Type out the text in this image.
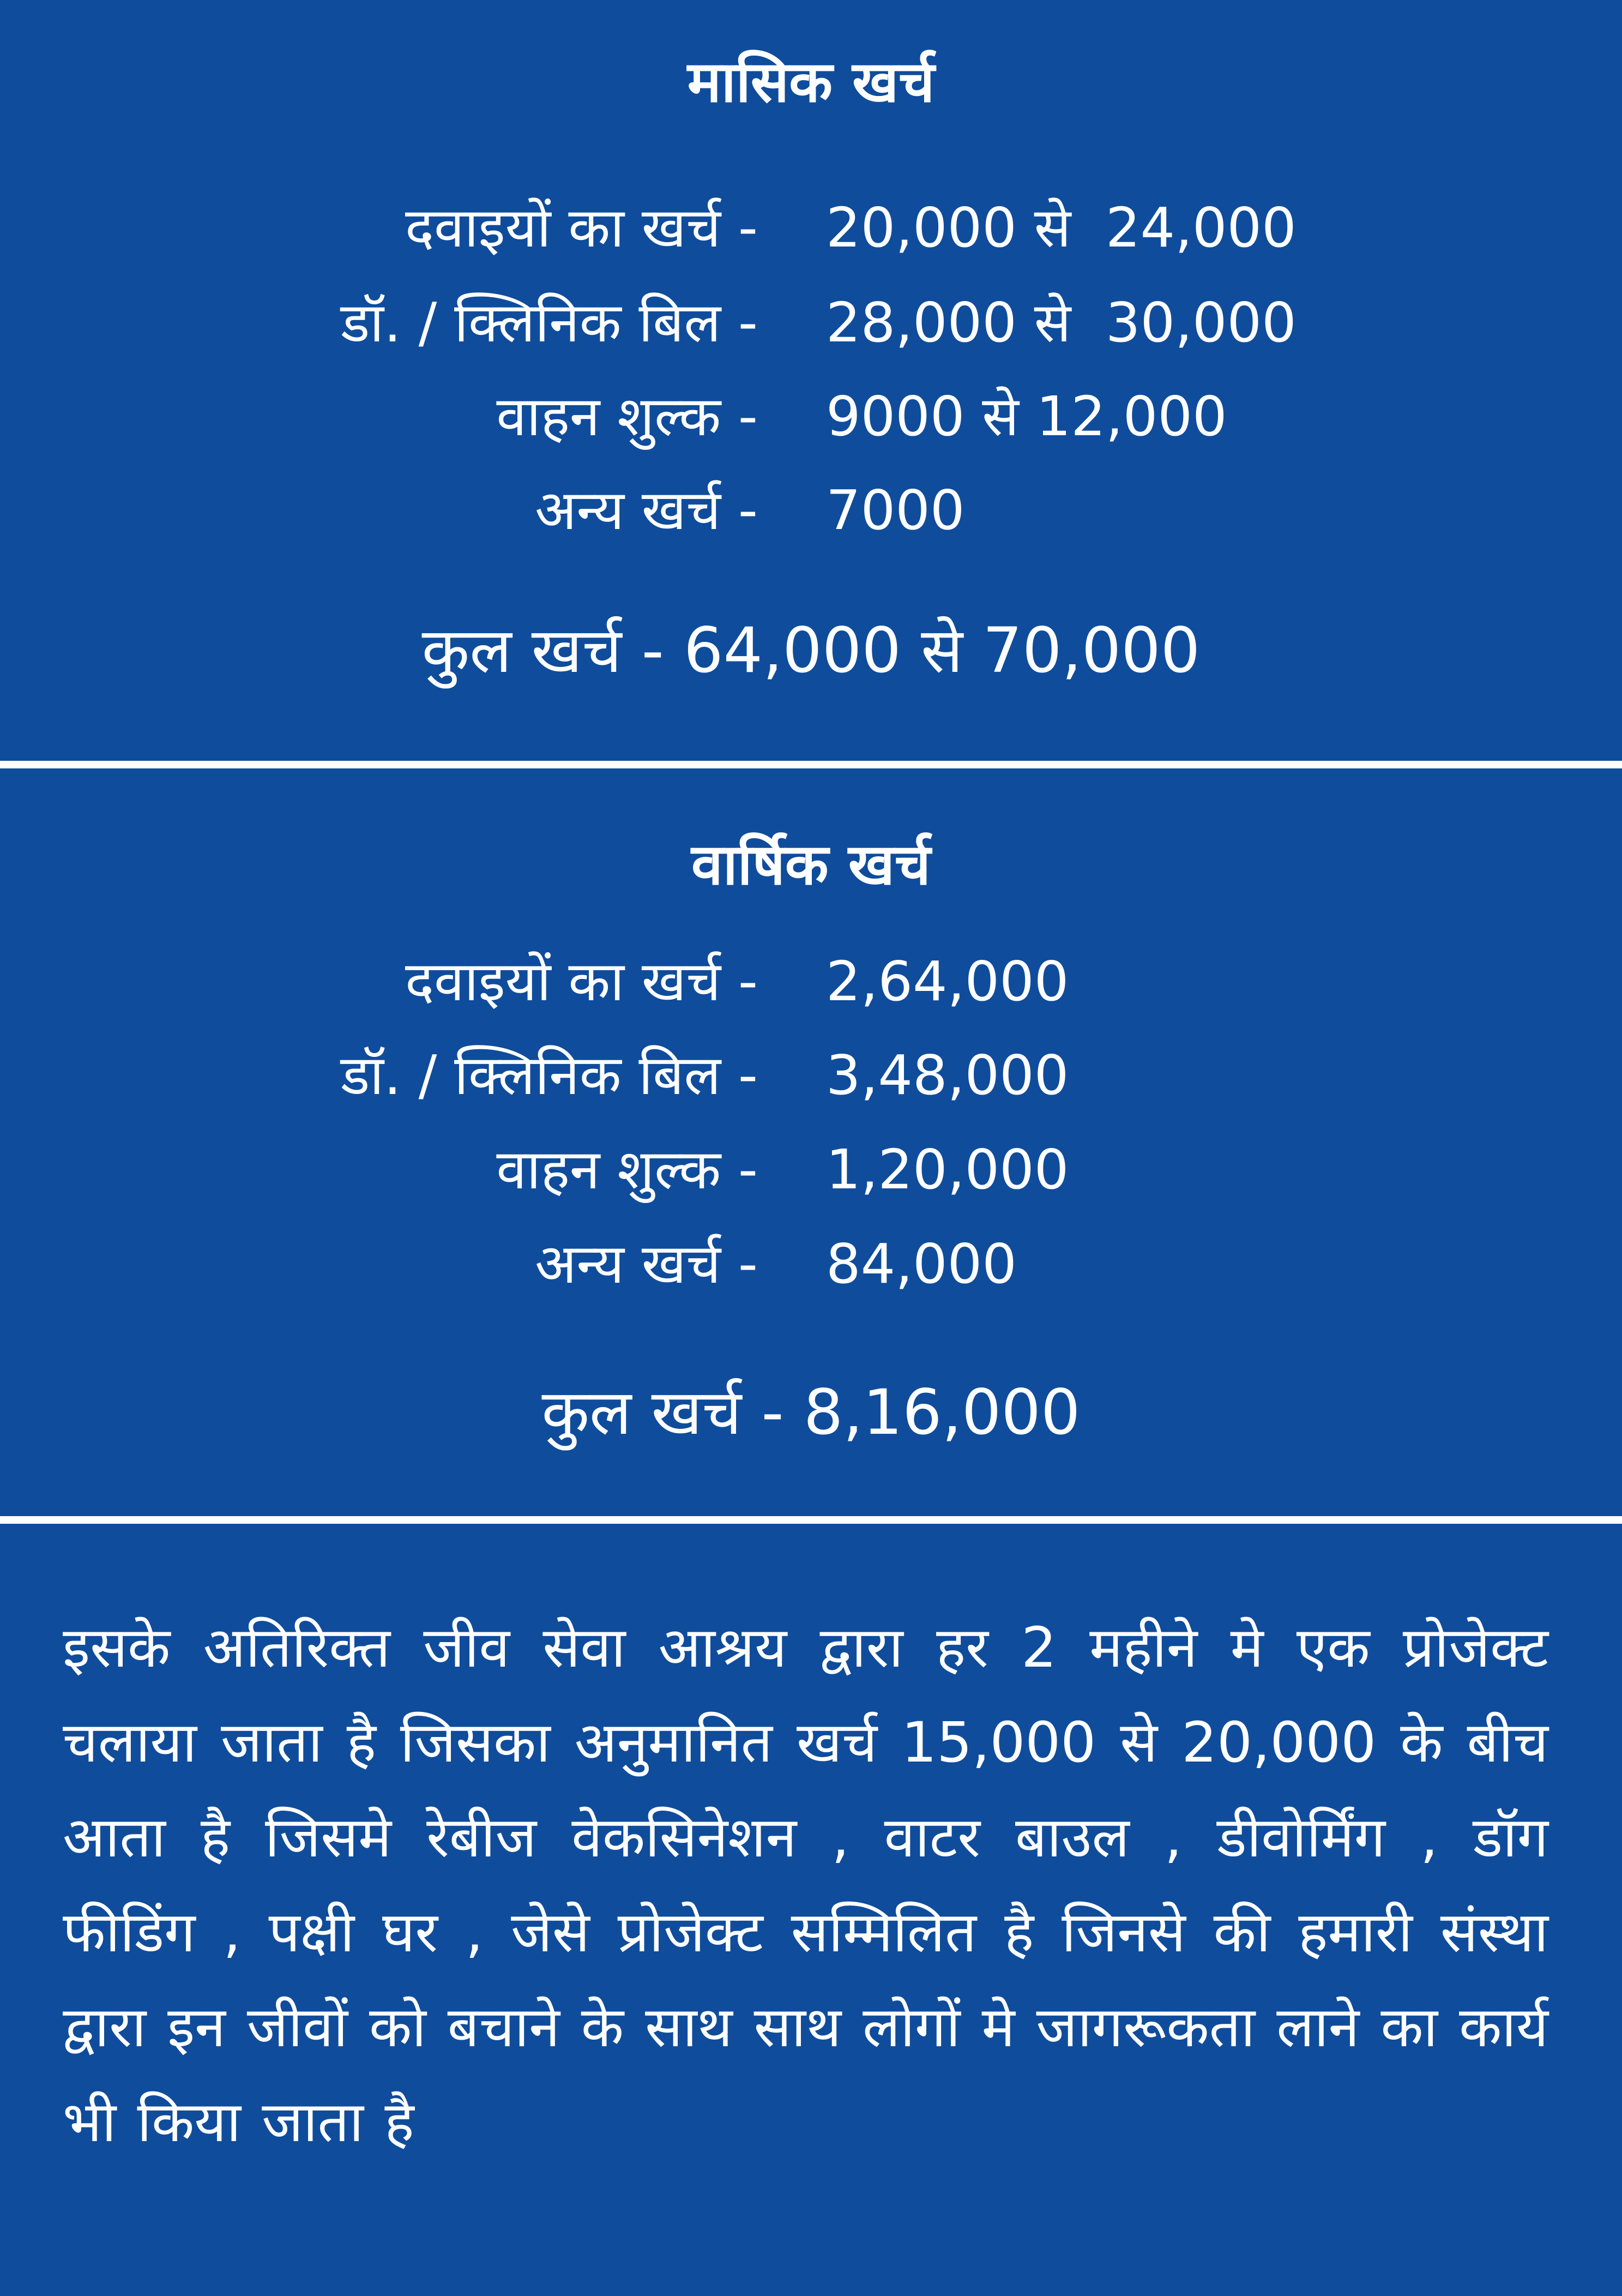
मासिक खर्च
दवाइयों का खर्च - 20,000 से  24,000
डॉ. / क्लिनिक बिल - 28,000 से  30,000
वाहन शुल्क - 9000 से 12,000
अन्य खर्च - 7000
कुल खर्च - 64,000 से 70,000
वार्षिक खर्च
दवाइयों का खर्च - 2,64,000
डॉ. / क्लिनिक बिल - 3,48,000
वाहन शुल्क - 1,20,000
अन्य खर्च - 84,000
कुल खर्च - 8,16,000
इसके अतिरिक्त जीव सेवा आश्रय द्वारा हर 2 महीने मे एक प्रोजेक्ट चलाया जाता है जिसका अनुमानित खर्च 15,000 से 20,000 के बीच आता है जिसमे रेबीज वेकसिनेशन , वाटर बाउल , डीवोर्मिंग , डॉग फीडिंग , पक्षी घर , जेसे प्रोजेक्ट सम्मिलित है जिनसे की हमारी संस्था द्वारा इन जीवों को बचाने के साथ साथ लोगों मे जागरूकता लाने का कार्य भी किया जाता है
